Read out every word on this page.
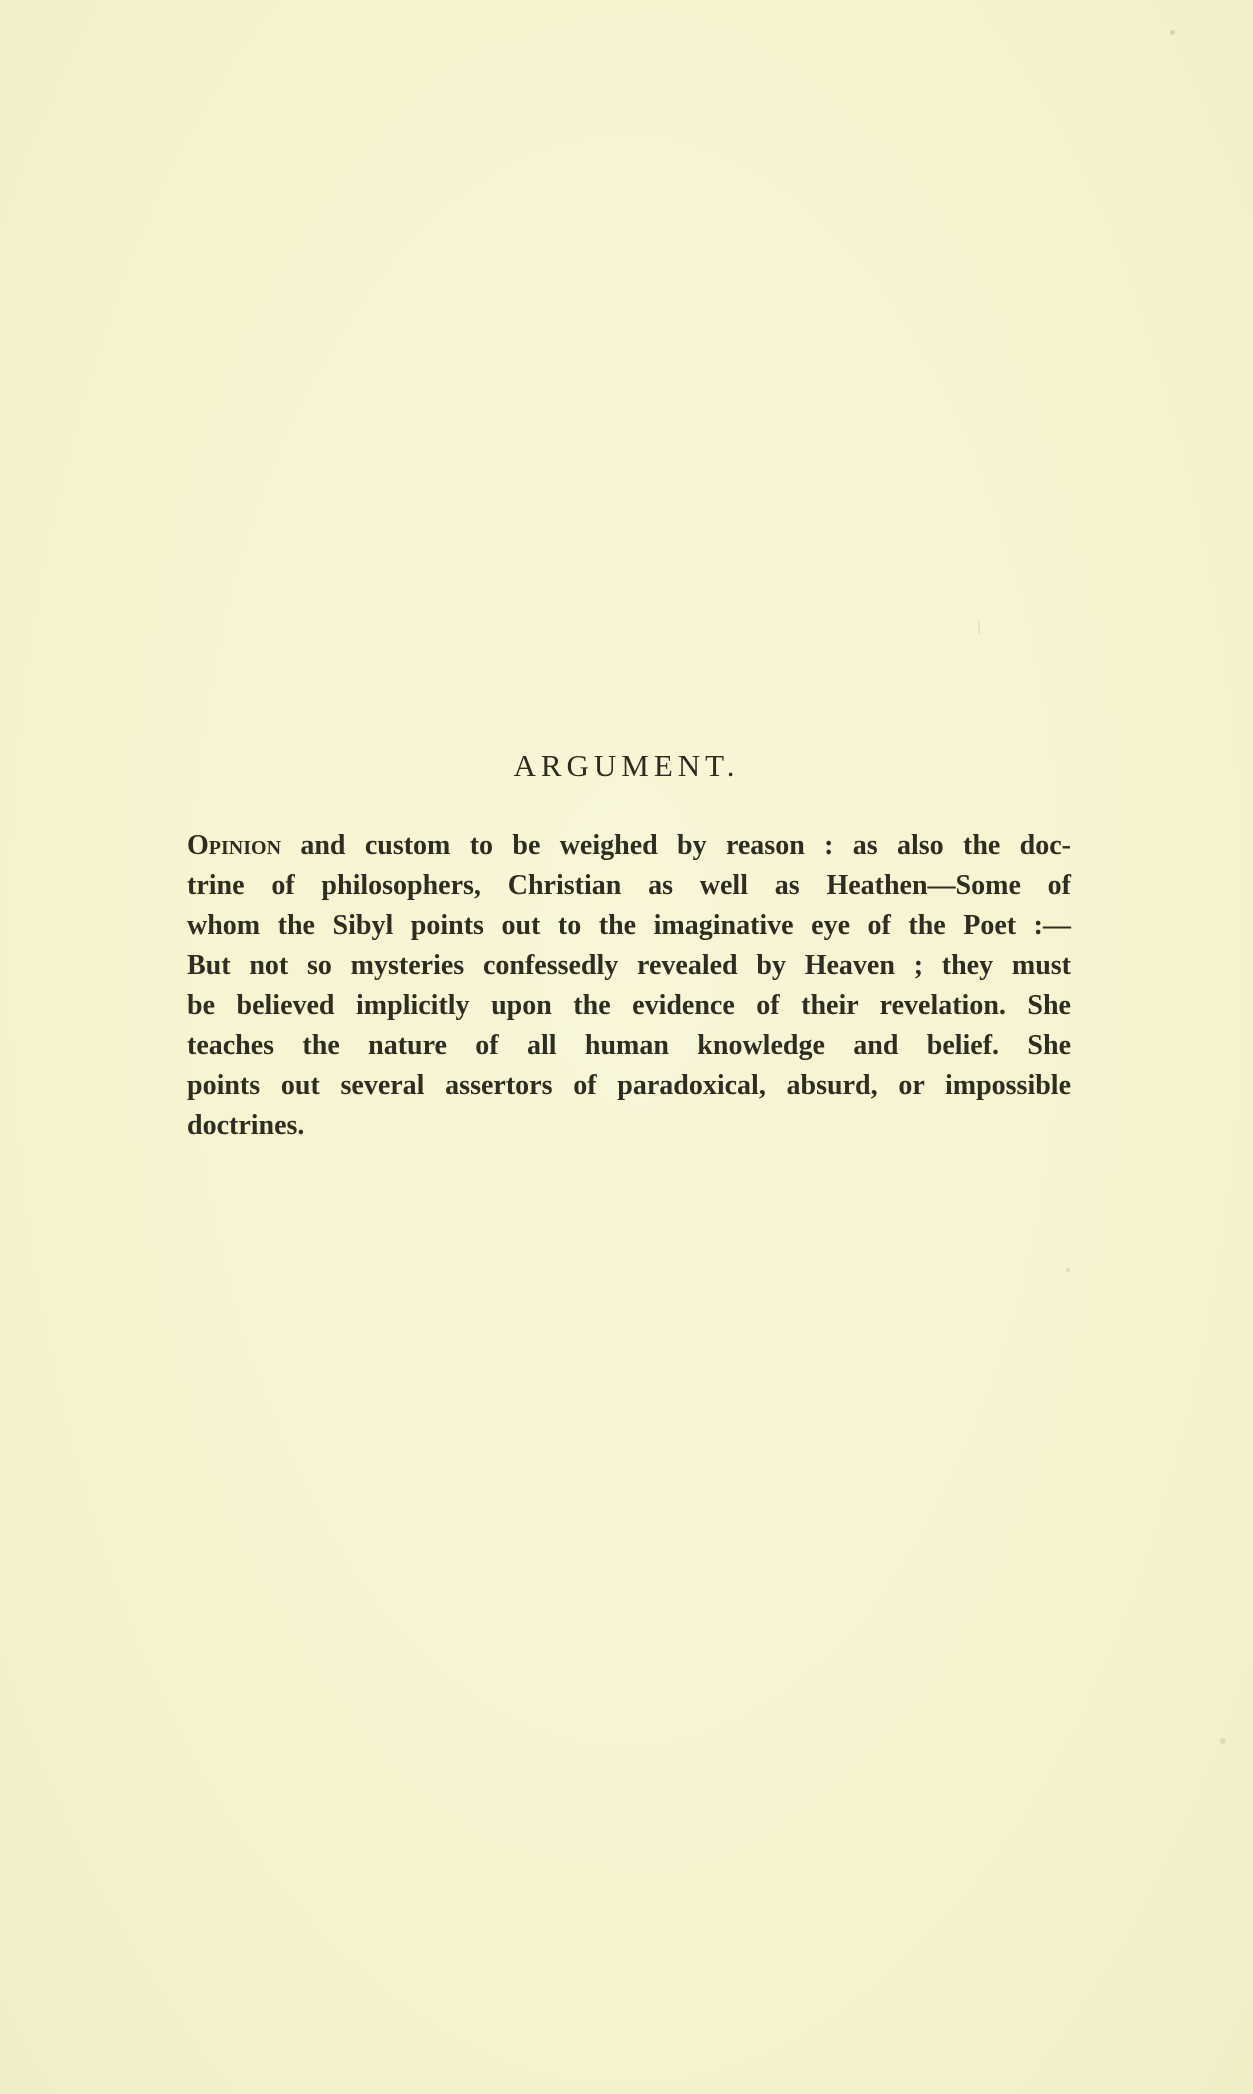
ARGUMENT.
Opinion and custom to be weighed by reason : as also the doc-
trine of philosophers, Christian as well as Heathen—Some of
whom the Sibyl points out to the imaginative eye of the Poet :—
But not so mysteries confessedly revealed by Heaven ; they must
be believed implicitly upon the evidence of their revelation. She
teaches the nature of all human knowledge and belief. She
points out several assertors of paradoxical, absurd, or impossible
doctrines.
